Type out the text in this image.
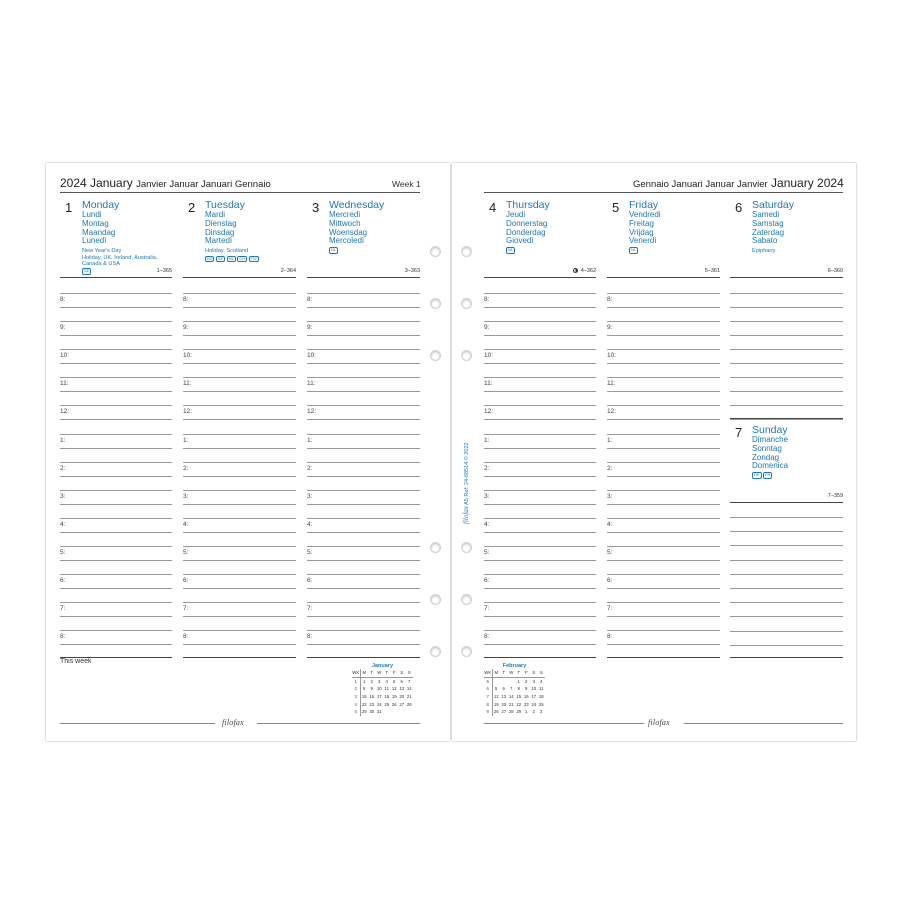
2024 January Janvier Januar Januari Gennaio	Week 1	Gennaio Januari Januar Janvier January 2024
1 Monday
Lundi
Montag
Maandag
Lunedì
New Year's Day
Holiday, UK, Ireland, Australia,
Canada & USA
SE	1–365
2 Tuesday
Mardi
Dienstag
Dinsdag
Martedì
Holiday, Scotland
NZ SE NL CH TW
2–364
3 Wednesday
Mercredi
Mittwoch
Woensdag
Mercoledì
NL
3–363
4 Thursday
Jeudi
Donnerstag
Donderdag
Giovedì
NL
4–362
5 Friday
Vendredi
Freitag
Vrijdag
Venerdì
NL
5–361
6 Saturday
Samedi
Samstag
Zaterdag
Sabato
Epiphany
6–360
7 Sunday
Dimanche
Sonntag
Zondag
Domenica
DE FR
7–359
8:
9:
10:
11:
12:
1:
2:
3:
4:
5:
6:
7:
8:
8:
9:
10:
11:
12:
1:
2:
3:
4:
5:
6:
7:
8:
8:
9:
10:
11:
12:
1:
2:
3:
4:
5:
6:
7:
8:
8:
9:
10:
11:
12:
1:
2:
3:
4:
5:
6:
7:
8:
8:
9:
10:
11:
12:
1:
2:
3:
4:
5:
6:
7:
8:
This week
January
WK	M	T	W	T	F	S	S
1	1	2	3	4	5	6	7
2	8	9	10	11	12	13	14
3	15	16	17	18	19	20	21
4	22	23	24	25	26	27	28
5	29	30	31				
February
WK	M	T	W	T	F	S	S
5				1	2	3	4
6	5	6	7	8	9	10	11
7	12	13	14	15	16	17	18
8	19	20	21	22	23	24	25
9	26	27	28	29	1	2	3
filofax	filofax
filofax A5 Ref: 24-68514 © 2022
